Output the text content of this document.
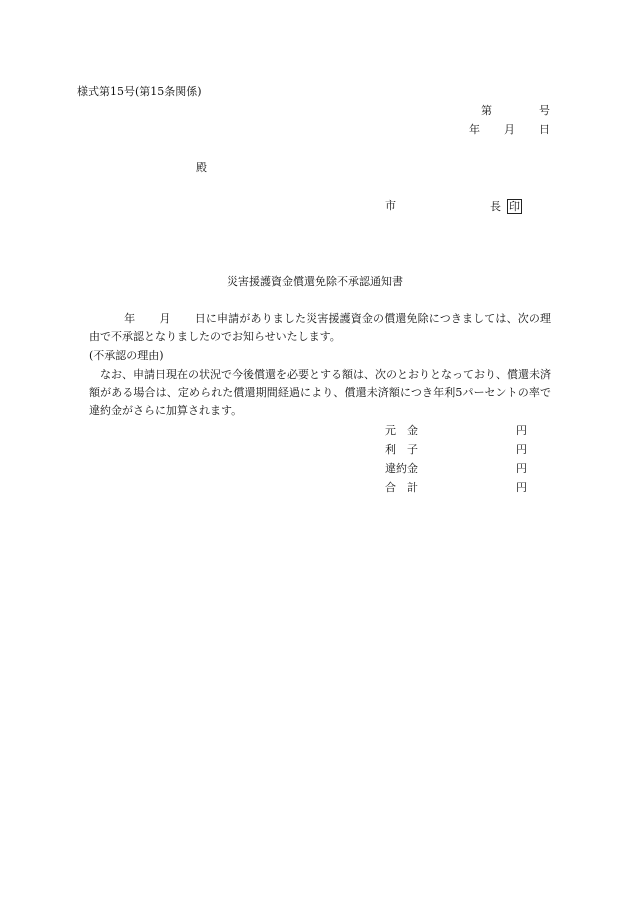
様式第15号(第15条関係)
第	号
年 月 日
殿
市	長 印
災害援護資金償還免除不承認通知書
年 月 日に申請がありました災害援護資金の償還免除につきましては、次の理由で不承認となりましたのでお知らせいたします。
(不承認の理由)
なお、申請日現在の状況で今後償還を必要とする額は、次のとおりとなっており、償還未済額がある場合は、定められた償還期間経過により、償還未済額につき年利5パーセントの率で違約金がさらに加算されます。
元　金	円
利　子	円
違約金	円
合　計	円
